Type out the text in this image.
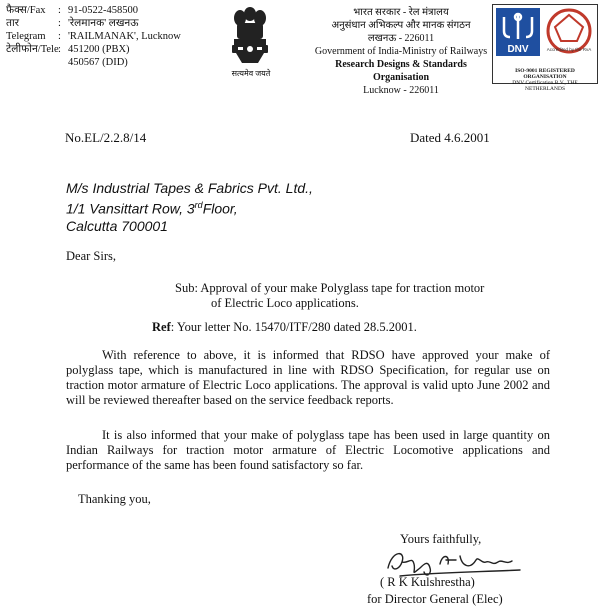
फैक्स/Fax	: 91-0522-458500
तार	: 'रेलमानक' लखनऊ
Telegram	: 'RAILMANAK', Lucknow
टेलीफोन/Tele : 451200 (PBX)
450567 (DID)
सत्यमेव जयते
भारत सरकार - रेल मंत्रालय
अनुसंधान अभिकल्प और मानक संगठन
लखनऊ - 226011
Government of India-Ministry of Railways
Research Designs & Standards Organisation
Lucknow - 226011
DNV	Accredited by the RvA
ISO-9001 REGISTERED ORGANISATION
DNV Certification B.V., THE NETHERLANDS
No.EL/2.2.8/14	Dated 4.6.2001
M/s Industrial Tapes & Fabrics Pvt. Ltd.,
1/1 Vansittart Row, 3rdFloor,
Calcutta 700001
Dear Sirs,
Sub: Approval of your make Polyglass tape for traction motor
of Electric Loco applications.
Ref: Your letter No. 15470/ITF/280 dated 28.5.2001.
With reference to above, it is informed that RDSO have approved your make of polyglass tape, which is manufactured in line with RDSO Specification, for regular use on traction motor armature of Electric Loco applications. The approval is valid upto June 2002 and will be reviewed thereafter based on the service feedback reports.
It is also informed that your make of polyglass tape has been used in large quantity on Indian Railways for traction motor armature of Electric Locomotive applications and performance of the same has been found satisfactory so far.
Thanking you,
Yours faithfully,
( R K Kulshrestha)
for Director General (Elec)
